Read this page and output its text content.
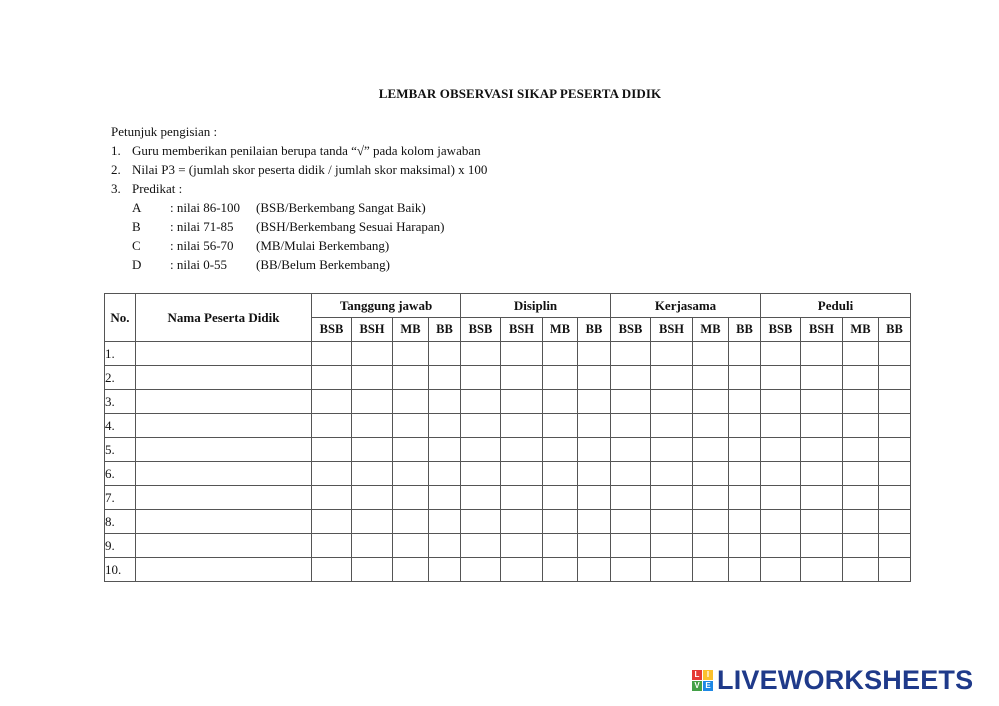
LEMBAR OBSERVASI SIKAP PESERTA DIDIK
Petunjuk pengisian :
1. Guru memberikan penilaian berupa tanda “√” pada kolom jawaban
2. Nilai P3 = (jumlah skor peserta didik / jumlah skor maksimal) x 100
3. Predikat :
A	: nilai 86-100	(BSB/Berkembang Sangat Baik)
B	: nilai 71-85	(BSH/Berkembang Sesuai Harapan)
C	: nilai 56-70	(MB/Mulai Berkembang)
D	: nilai 0-55	(BB/Belum Berkembang)
No.	Nama Peserta Didik	Tanggung jawab				Disiplin				Kerjasama				Peduli			
		BSB	BSH	MB	BB	BSB	BSH	MB	BB	BSB	BSH	MB	BB	BSB	BSH	MB	BB
1.																	
2.																	
3.																	
4.																	
5.																	
6.																	
7.																	
8.																	
9.																	
10.																	
L I
V E LIVEWORKSHEETS
